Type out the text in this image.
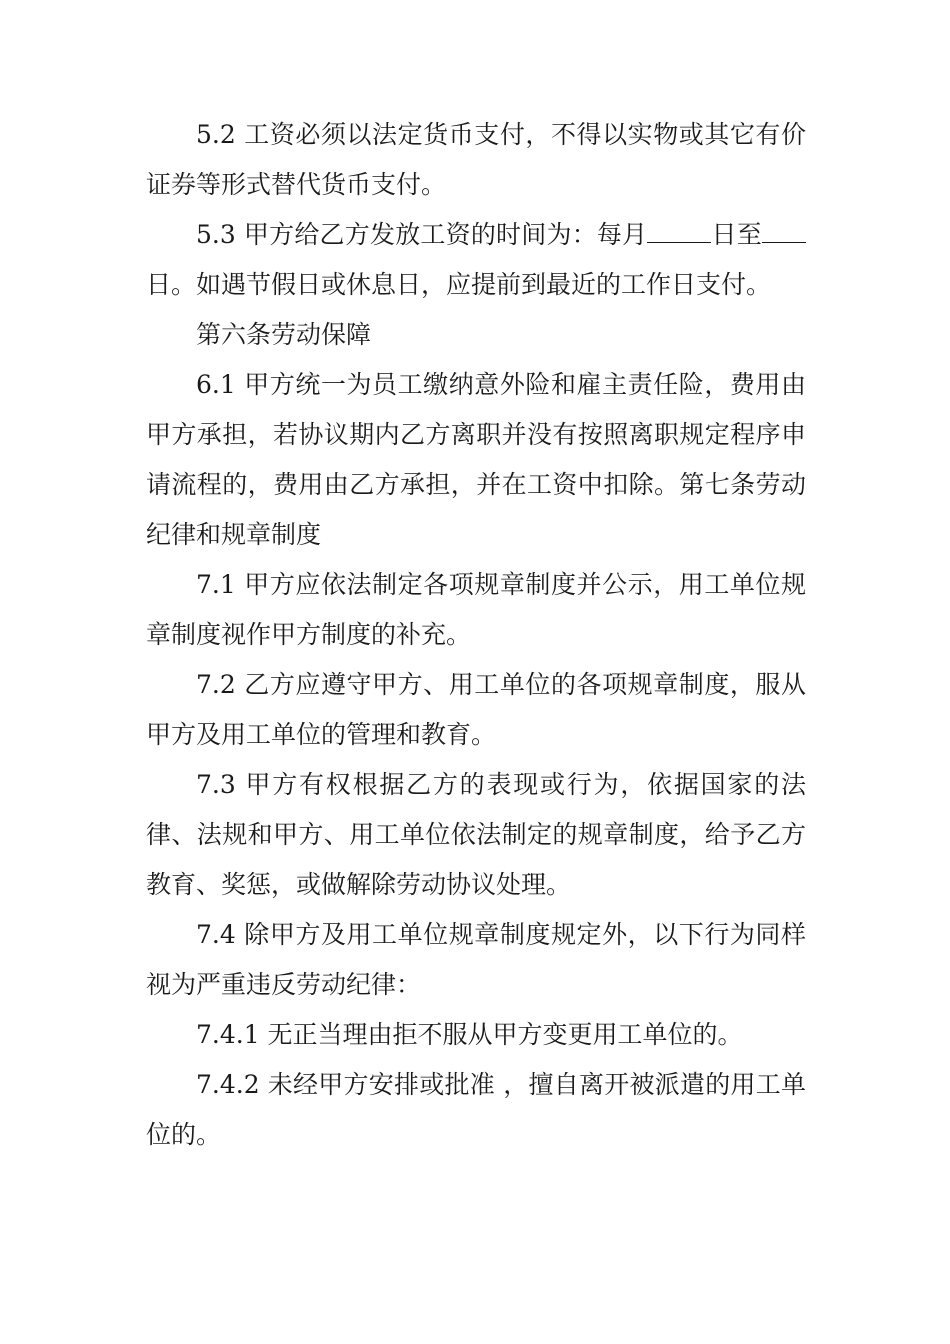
5.2 工资必须以法定货币支付，不得以实物或其它有价证券等形式替代货币支付。

5.3 甲方给乙方发放工资的时间为：每月	日至日。如遇节假日或休息日，应提前到最近的工作日支付。

第六条劳动保障

6.1 甲方统一为员工缴纳意外险和雇主责任险，费用由甲方承担，若协议期内乙方离职并没有按照离职规定程序申请流程的，费用由乙方承担，并在工资中扣除。第七条劳动纪律和规章制度

7.1 甲方应依法制定各项规章制度并公示，用工单位规章制度视作甲方制度的补充。

7.2 乙方应遵守甲方、用工单位的各项规章制度，服从甲方及用工单位的管理和教育。

7.3 甲方有权根据乙方的表现或行为，依据国家的法律、法规和甲方、用工单位依法制定的规章制度，给予乙方教育、奖惩，或做解除劳动协议处理。

7.4 除甲方及用工单位规章制度规定外，以下行为同样视为严重违反劳动纪律：

7.4.1 无正当理由拒不服从甲方变更用工单位的。

7.4.2 未经甲方安排或批准 ，擅自离开被派遣的用工单位的。
